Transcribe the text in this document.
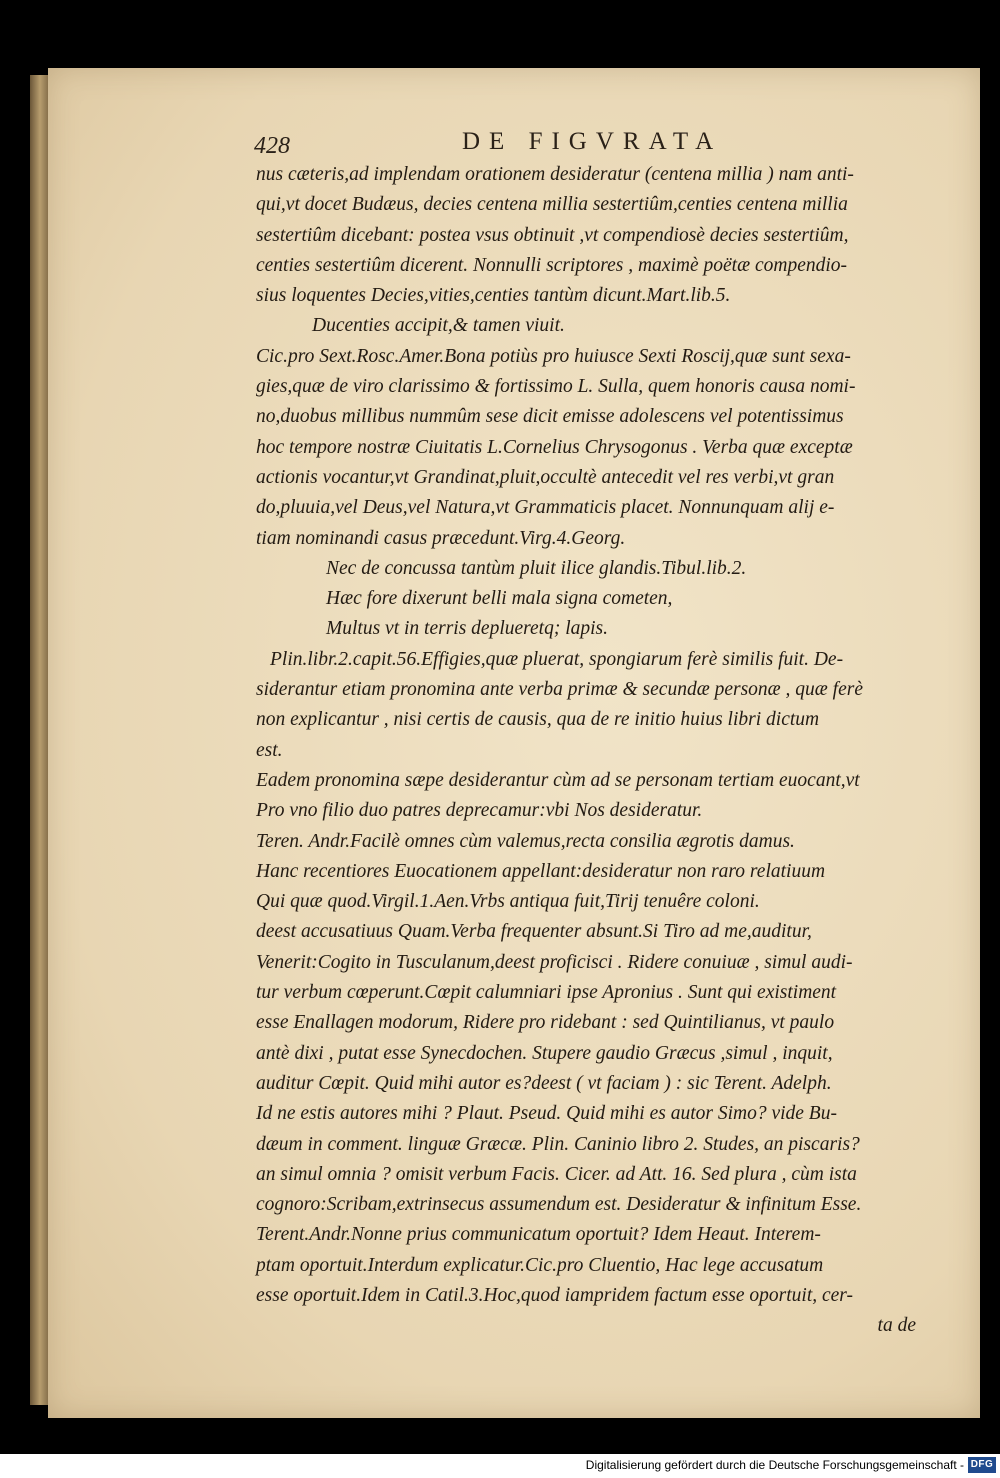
428	DE FIGVRATA
nus cæteris,ad implendam orationem desideratur (centena millia ) nam anti-
qui,vt docet Budæus, decies centena millia sestertiûm,centies centena millia
sestertiûm dicebant: postea vsus obtinuit ,vt compendiosè decies sestertiûm,
centies sestertiûm dicerent. Nonnulli scriptores , maximè poëtæ compendio-
sius loquentes Decies,vities,centies tantùm dicunt.Mart.lib.5.
Ducenties accipit,& tamen viuit.
Cic.pro Sext.Rosc.Amer.Bona potiùs pro huiusce Sexti Roscij,quæ sunt sexa-
gies,quæ de viro clarissimo & fortissimo L. Sulla, quem honoris causa nomi-
no,duobus millibus nummûm sese dicit emisse adolescens vel potentissimus
hoc tempore nostræ Ciuitatis L.Cornelius Chrysogonus . Verba quæ exceptæ
actionis vocantur,vt Grandinat,pluit,occultè antecedit vel res verbi,vt gran
do,pluuia,vel Deus,vel Natura,vt Grammaticis placet. Nonnunquam alij e-
tiam nominandi casus præcedunt.Virg.4.Georg.
Nec de concussa tantùm pluit ilice glandis.Tibul.lib.2.
Hæc fore dixerunt belli mala signa cometen,
Multus vt in terris deplueretq; lapis.
Plin.libr.2.capit.56.Effigies,quæ pluerat, spongiarum ferè similis fuit. De-
siderantur etiam pronomina ante verba primæ & secundæ personæ , quæ ferè
non explicantur , nisi certis de causis, qua de re initio huius libri dictum
est.
Eadem pronomina sæpe desiderantur cùm ad se personam tertiam euocant,vt
Pro vno filio duo patres deprecamur:vbi Nos desideratur.
Teren. Andr.Facilè omnes cùm valemus,recta consilia ægrotis damus.
Hanc recentiores Euocationem appellant:desideratur non raro relatiuum
Qui quæ quod.Virgil.1.Aen.Vrbs antiqua fuit,Tirij tenuêre coloni.
deest accusatiuus Quam.Verba frequenter absunt.Si Tiro ad me,auditur,
Venerit:Cogito in Tusculanum,deest proficisci . Ridere conuiuæ , simul audi-
tur verbum cœperunt.Cœpit calumniari ipse Apronius . Sunt qui existiment
esse Enallagen modorum, Ridere pro ridebant : sed Quintilianus, vt paulo
antè dixi , putat esse Synecdochen. Stupere gaudio Græcus ,simul , inquit,
auditur Cœpit. Quid mihi autor es?deest ( vt faciam ) : sic Terent. Adelph.
Id ne estis autores mihi ? Plaut. Pseud. Quid mihi es autor Simo? vide Bu-
dæum in comment. linguæ Græcæ. Plin. Caninio libro 2. Studes, an piscaris?
an simul omnia ? omisit verbum Facis. Cicer. ad Att. 16. Sed plura , cùm ista
cognoro:Scribam,extrinsecus assumendum est. Desideratur & infinitum Esse.
Terent.Andr.Nonne prius communicatum oportuit? Idem Heaut. Interem-
ptam oportuit.Interdum explicatur.Cic.pro Cluentio, Hac lege accusatum
esse oportuit.Idem in Catil.3.Hoc,quod iampridem factum esse oportuit, cer-
ta de
Digitalisierung gefördert durch die Deutsche Forschungsgemeinschaft - DFG
